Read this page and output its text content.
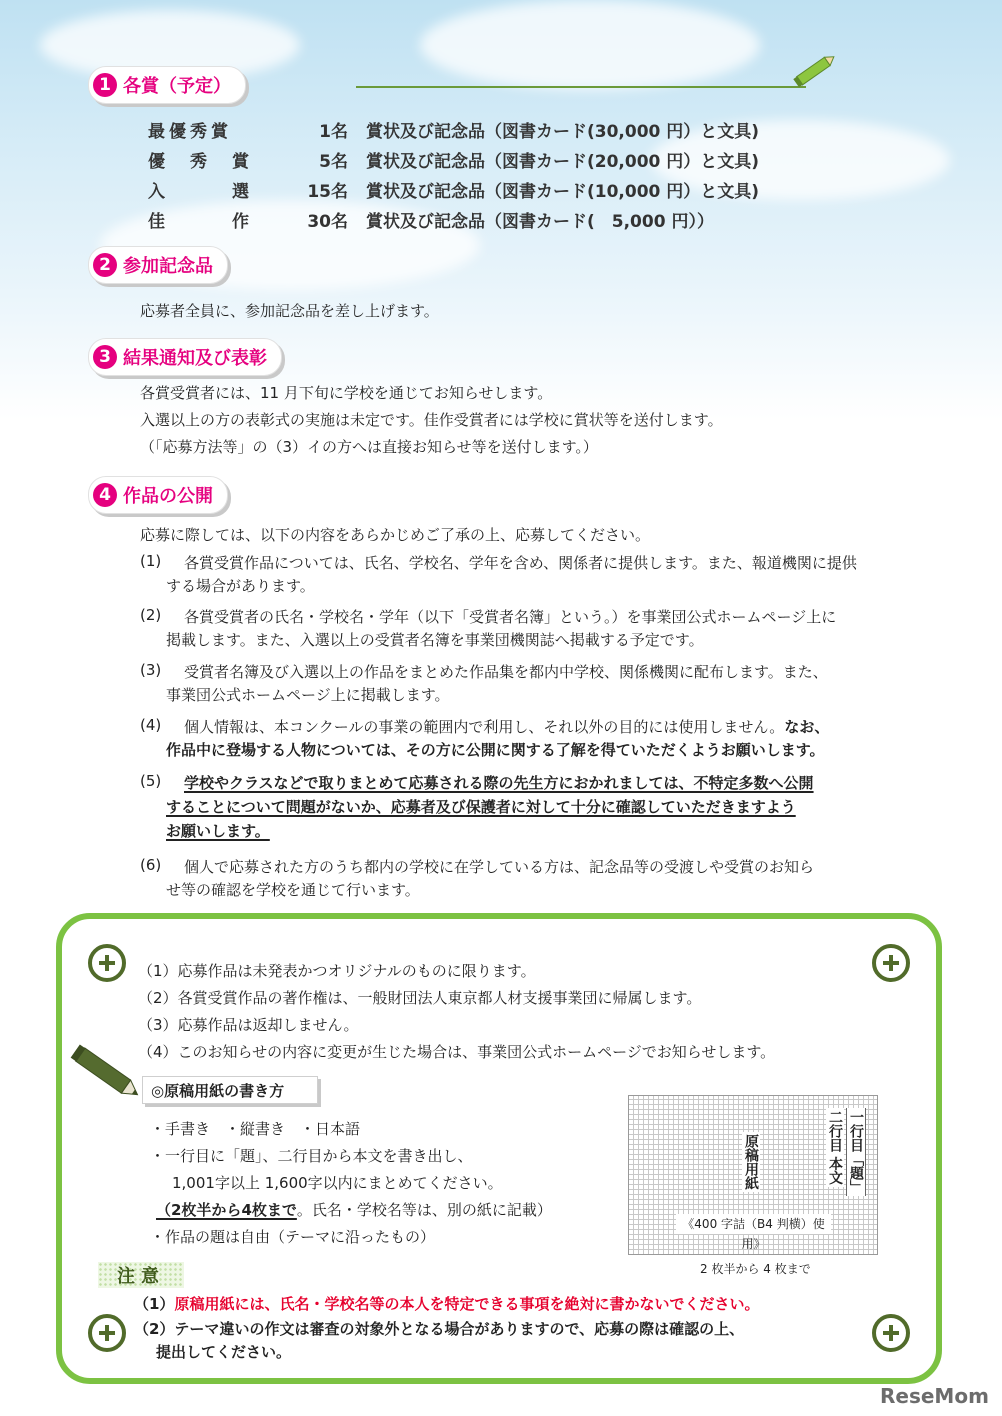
1 各賞（予定）
最優秀賞	1名 賞状及び記念品（図書カード(30,000 円）と文具)
優　秀　賞	5名 賞状及び記念品（図書カード(20,000 円）と文具)
入　　　選	15名 賞状及び記念品（図書カード(10,000 円）と文具)
佳　　　作	30名 賞状及び記念品（図書カード(　5,000 円））
2 参加記念品
応募者全員に、参加記念品を差し上げます。
3 結果通知及び表彰
各賞受賞者には、11 月下旬に学校を通じてお知らせします。
入選以上の方の表彰式の実施は未定です。佳作受賞者には学校に賞状等を送付します。
（「応募方法等」の（3）イの方へは直接お知らせ等を送付します。）
4 作品の公開
応募に際しては、以下の内容をあらかじめご了承の上、応募してください。
(1) 各賞受賞作品については、氏名、学校名、学年を含め、関係者に提供します。また、報道機関に提供
する場合があります。
(2) 各賞受賞者の氏名・学校名・学年（以下「受賞者名簿」という。）を事業団公式ホームページ上に
掲載します。また、入選以上の受賞者名簿を事業団機関誌へ掲載する予定です。
(3) 受賞者名簿及び入選以上の作品をまとめた作品集を都内中学校、関係機関に配布します。また、
事業団公式ホームページ上に掲載します。
(4) 個人情報は、本コンクールの事業の範囲内で利用し、それ以外の目的には使用しません。なお、
作品中に登場する人物については、その方に公開に関する了解を得ていただくようお願いします。
(5) 学校やクラスなどで取りまとめて応募される際の先生方におかれましては、不特定多数へ公開
することについて問題がないか、応募者及び保護者に対して十分に確認していただきますよう
お願いします。
(6) 個人で応募された方のうち都内の学校に在学している方は、記念品等の受渡しや受賞のお知ら
せ等の確認を学校を通じて行います。
（1）応募作品は未発表かつオリジナルのものに限ります。
（2）各賞受賞作品の著作権は、一般財団法人東京都人材支援事業団に帰属します。
（3）応募作品は返却しません。
（4）このお知らせの内容に変更が生じた場合は、事業団公式ホームページでお知らせします。
◎原稿用紙の書き方
・手書き　・縦書き　・日本語
・一行目に「題」、二行目から本文を書き出し、
1,001字以上 1,600字以内にまとめてください。
（2枚半から4枚まで。氏名・学校名等は、別の紙に記載）
・作品の題は自由（テーマに沿ったもの）
原稿用紙	一行目「題」
二行目 本文
《400 字詰（B4 判横）使用》
2 枚半から 4 枚まで
注意
（1）原稿用紙には、氏名・学校名等の本人を特定できる事項を絶対に書かないでください。
（2）テーマ違いの作文は審査の対象外となる場合がありますので、応募の際は確認の上、
提出してください。
ReseMom
